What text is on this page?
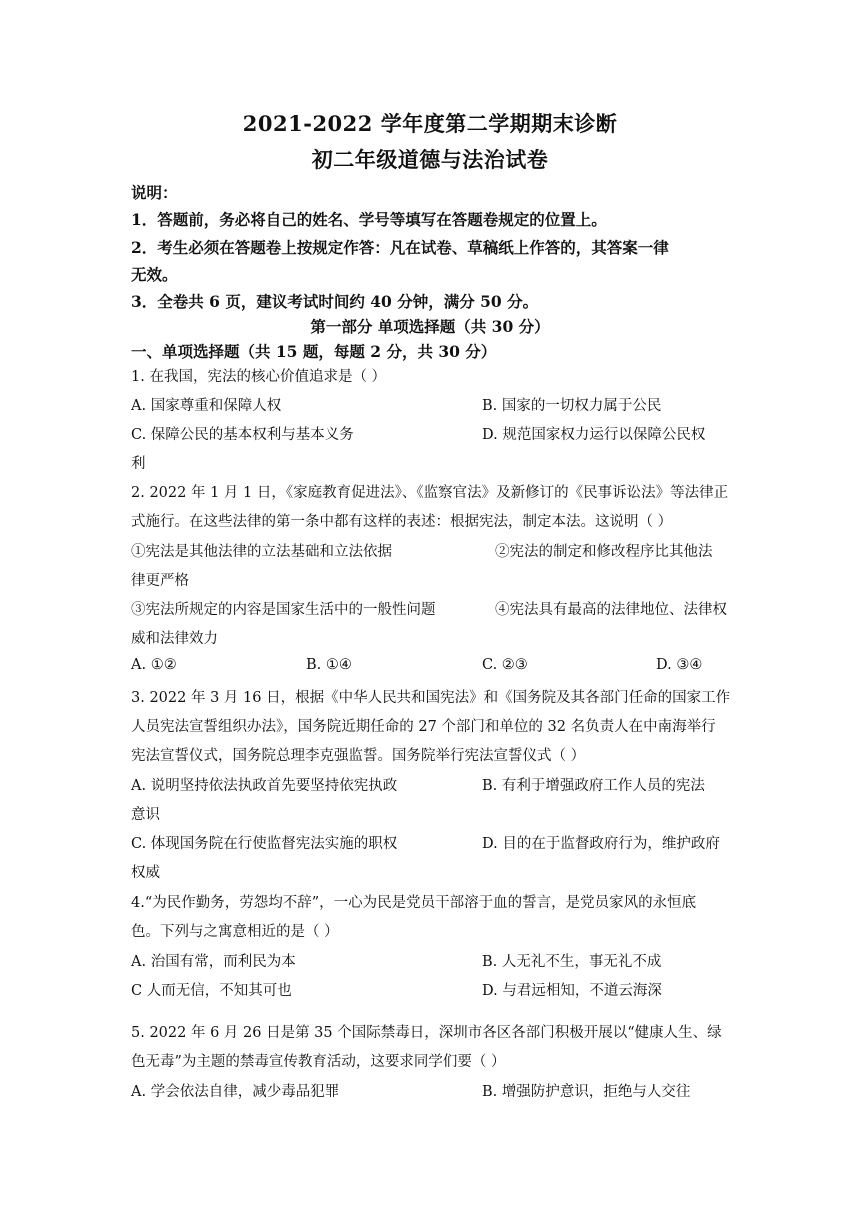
2021-2022 学年度第二学期期末诊断
初二年级道德与法治试卷
说明：
1．答题前，务必将自己的姓名、学号等填写在答题卷规定的位置上。
2．考生必须在答题卷上按规定作答：凡在试卷、草稿纸上作答的，其答案一律
无效。
3．全卷共 6 页，建议考试时间约 40 分钟，满分 50 分。
第一部分 单项选择题（共 30 分）
一、单项选择题（共 15 题，每题 2 分，共 30 分）
1. 在我国，宪法的核心价值追求是（ ）
A. 国家尊重和保障人权	B. 国家的一切权力属于公民
C. 保障公民的基本权利与基本义务	D. 规范国家权力运行以保障公民权
利
2. 2022 年 1 月 1 日，《家庭教育促进法》、《监察官法》及新修订的《民事诉讼法》等法律正
式施行。在这些法律的第一条中都有这样的表述：根据宪法，制定本法。这说明（ ）
①宪法是其他法律的立法基础和立法依据	②宪法的制定和修改程序比其他法
律更严格
③宪法所规定的内容是国家生活中的一般性问题	④宪法具有最高的法律地位、法律权
威和法律效力
A. ①②	B. ①④	C. ②③	D. ③④
3. 2022 年 3 月 16 日，根据《中华人民共和国宪法》和《国务院及其各部门任命的国家工作
人员宪法宣誓组织办法》，国务院近期任命的 27 个部门和单位的 32 名负责人在中南海举行
宪法宣誓仪式，国务院总理李克强监誓。国务院举行宪法宣誓仪式（ ）
A. 说明坚持依法执政首先要坚持依宪执政	B. 有利于增强政府工作人员的宪法
意识
C. 体现国务院在行使监督宪法实施的职权	D. 目的在于监督政府行为，维护政府
权威
4.“为民作勤务，劳怨均不辞”，一心为民是党员干部溶于血的誓言，是党员家风的永恒底
色。下列与之寓意相近的是（ ）
A. 治国有常，而利民为本	B. 人无礼不生，事无礼不成
C 人而无信，不知其可也	D. 与君远相知，不道云海深
5. 2022 年 6 月 26 日是第 35 个国际禁毒日，深圳市各区各部门积极开展以“健康人生、绿
色无毒”为主题的禁毒宣传教育活动，这要求同学们要（ ）
A. 学会依法自律，减少毒品犯罪	B. 增强防护意识，拒绝与人交往
